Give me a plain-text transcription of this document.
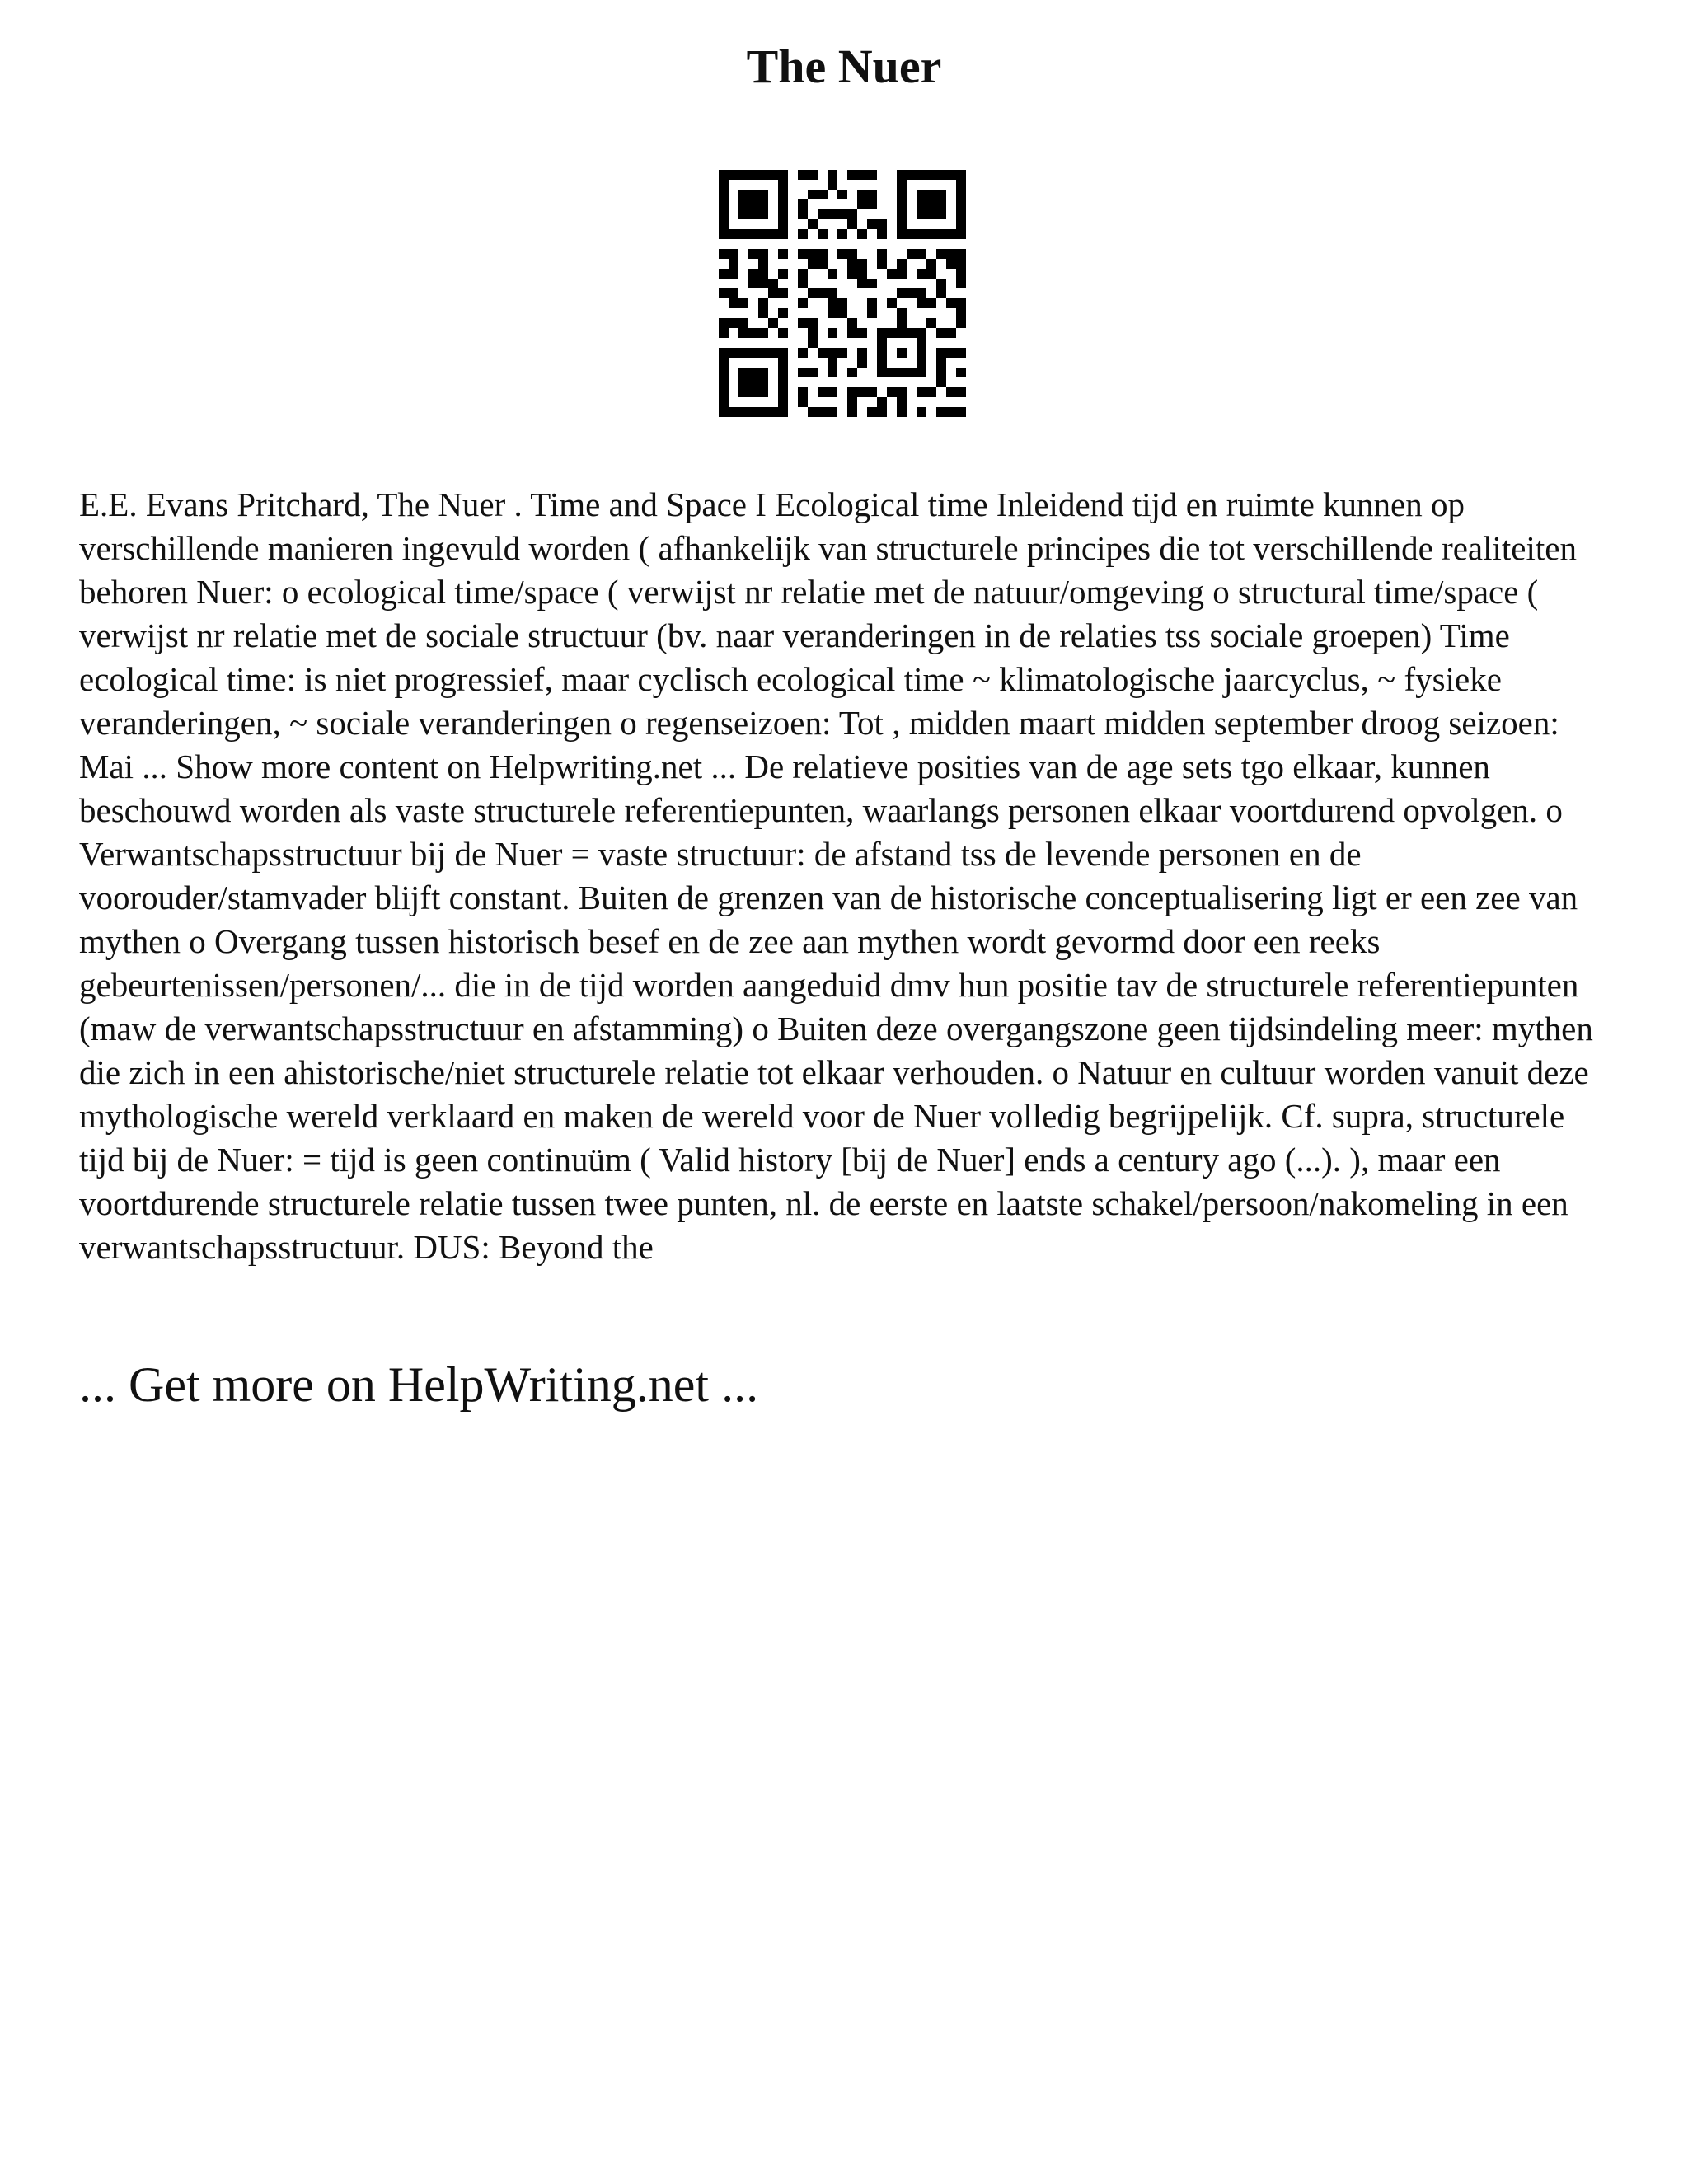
The Nuer

E.E. Evans Pritchard, The Nuer . Time and Space I Ecological time Inleidend tijd en ruimte kunnen op verschillende manieren ingevuld worden ( afhankelijk van structurele principes die tot verschillende realiteiten behoren Nuer: o ecological time/space ( verwijst nr relatie met de natuur/omgeving o structural time/space ( verwijst nr relatie met de sociale structuur (bv. naar veranderingen in de relaties tss sociale groepen) Time ecological time: is niet progressief, maar cyclisch ecological time ~ klimatologische jaarcyclus, ~ fysieke veranderingen, ~ sociale veranderingen o regenseizoen: Tot , midden maart midden september droog seizoen: Mai ... Show more content on Helpwriting.net ... De relatieve posities van de age sets tgo elkaar, kunnen beschouwd worden als vaste structurele referentiepunten, waarlangs personen elkaar voortdurend opvolgen. o Verwantschapsstructuur bij de Nuer = vaste structuur: de afstand tss de levende personen en de voorouder/stamvader blijft constant. Buiten de grenzen van de historische conceptualisering ligt er een zee van mythen o Overgang tussen historisch besef en de zee aan mythen wordt gevormd door een reeks gebeurtenissen/personen/... die in de tijd worden aangeduid dmv hun positie tav de structurele referentiepunten (maw de verwantschapsstructuur en afstamming) o Buiten deze overgangszone geen tijdsindeling meer: mythen die zich in een ahistorische/niet structurele relatie tot elkaar verhouden. o Natuur en cultuur worden vanuit deze mythologische wereld verklaard en maken de wereld voor de Nuer volledig begrijpelijk. Cf. supra, structurele tijd bij de Nuer: = tijd is geen continuüm ( Valid history [bij de Nuer] ends a century ago (...). ), maar een voortdurende structurele relatie tussen twee punten, nl. de eerste en laatste schakel/persoon/nakomeling in een verwantschapsstructuur. DUS: Beyond the

... Get more on HelpWriting.net ...
